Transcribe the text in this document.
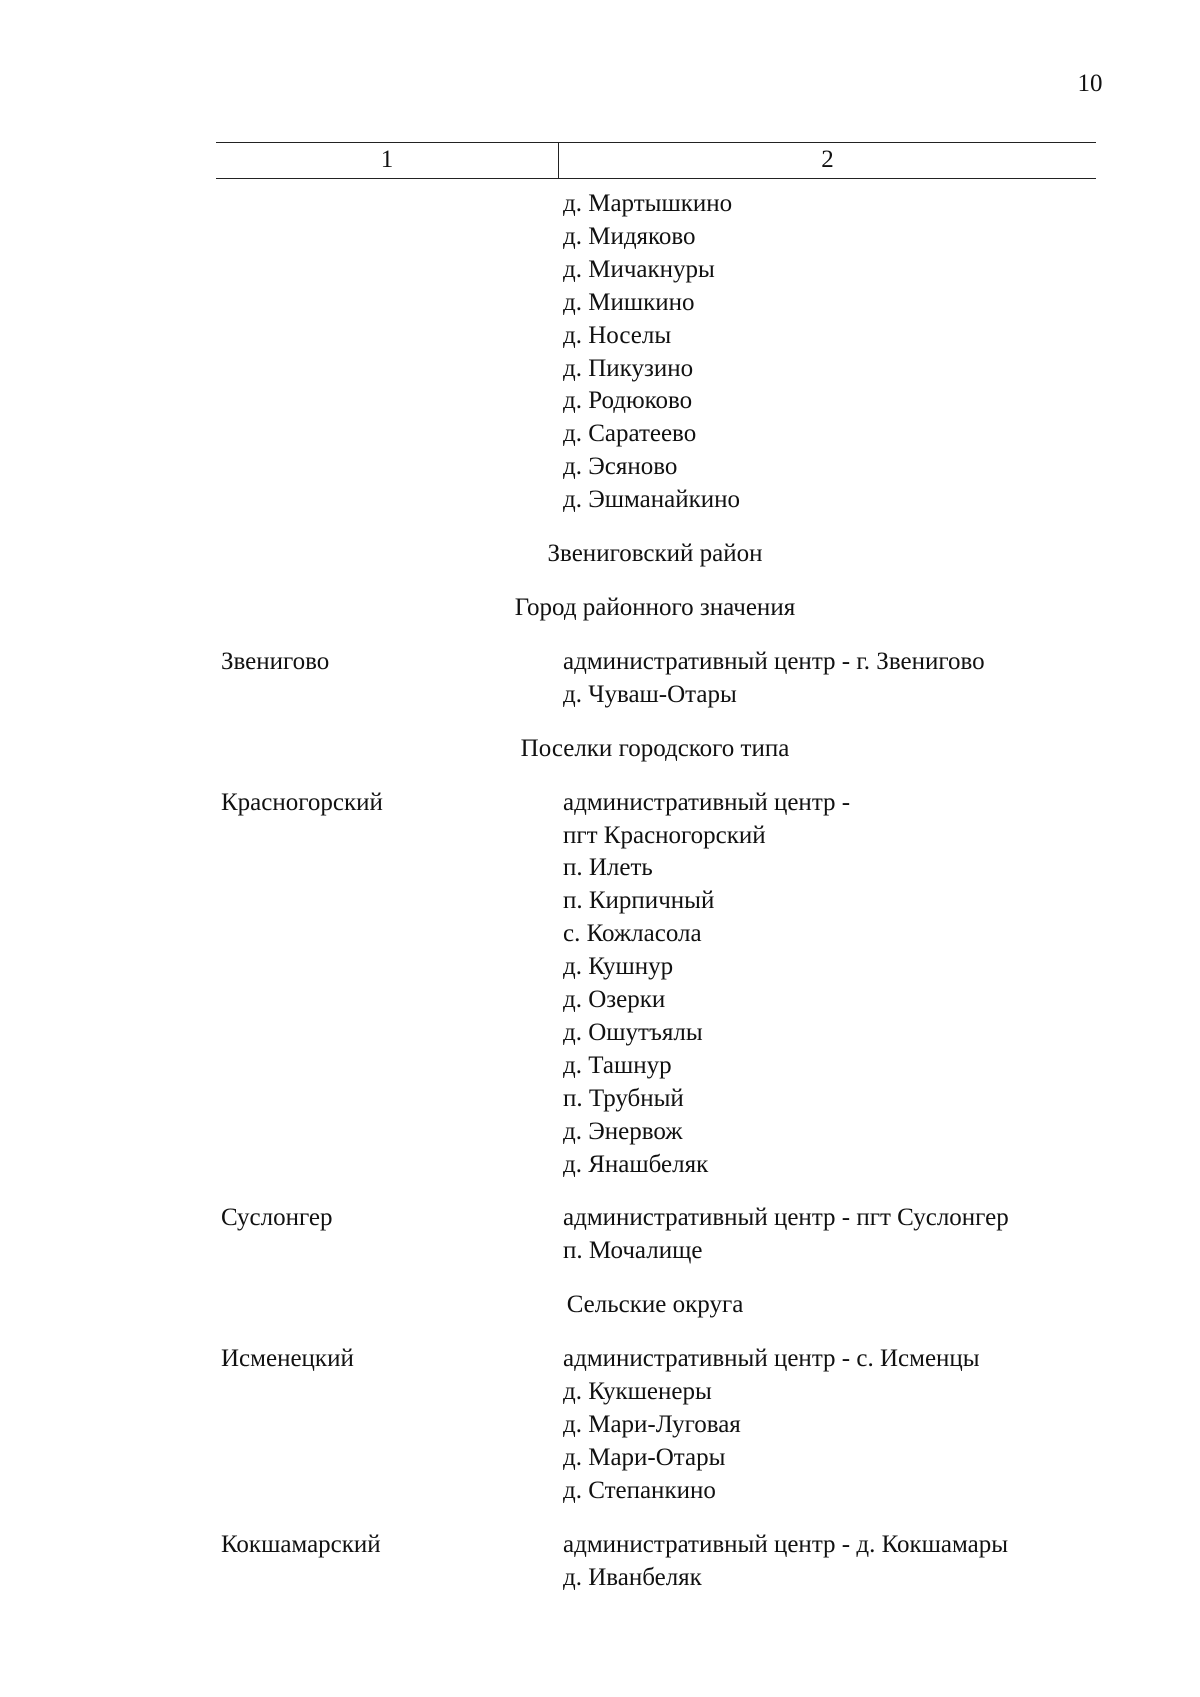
10
1	2
д. Мартышкино
д. Мидяково
д. Мичакнуры
д. Мишкино
д. Носелы
д. Пикузино
д. Родюково
д. Саратеево
д. Эсяново
д. Эшманайкино
Звениговский район
Город районного значения
Звенигово	административный центр - г. Звенигово
д. Чуваш-Отары
Поселки городского типа
Красногорский	административный центр -
пгт Красногорский
п. Илеть
п. Кирпичный
с. Кожласола
д. Кушнур
д. Озерки
д. Ошутъялы
д. Ташнур
п. Трубный
д. Энервож
д. Янашбеляк
Суслонгер	административный центр - пгт Суслонгер
п. Мочалище
Сельские округа
Исменецкий	административный центр - с. Исменцы
д. Кукшенеры
д. Мари-Луговая
д. Мари-Отары
д. Степанкино
Кокшамарский	административный центр - д. Кокшамары
д. Иванбеляк
